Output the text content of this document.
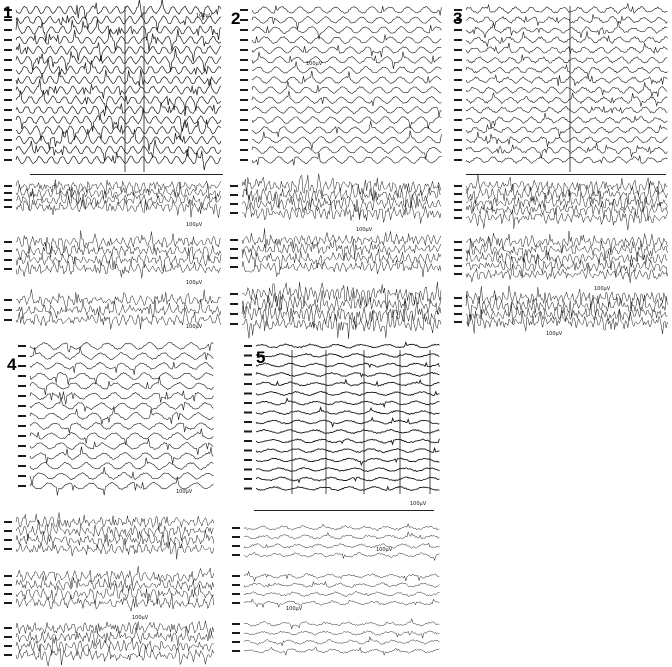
1	2	3
4	5
100µV
100µV
100µV
100µV
100µV
100µV
100µV
100µV
100µV
100µV
100µV
100µV
100µV
